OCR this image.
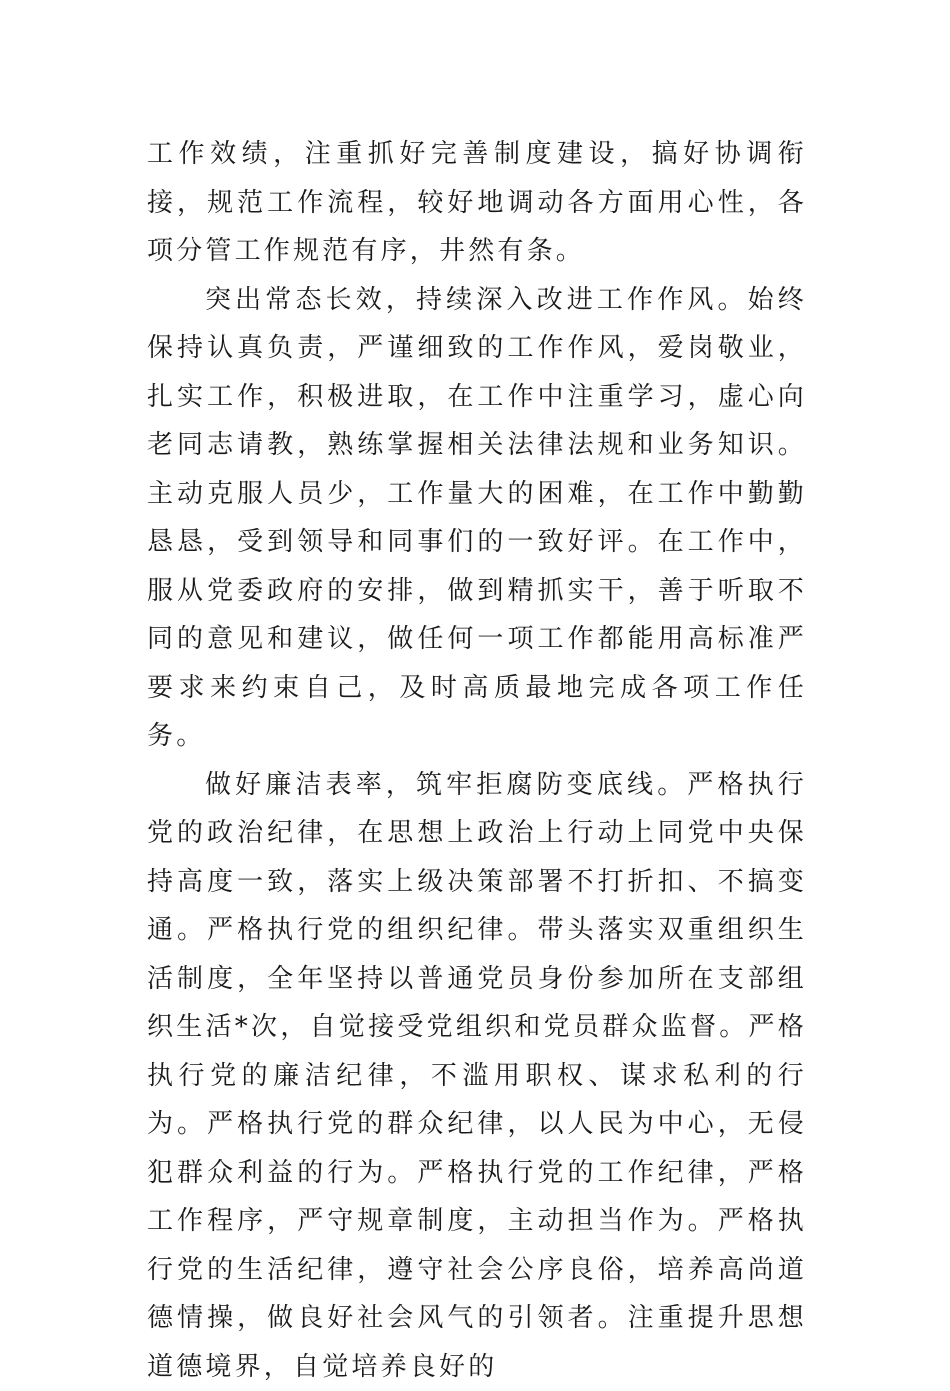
工作效绩，注重抓好完善制度建设，搞好协调衔接，规范工作流程，较好地调动各方面用心性，各项分管工作规范有序，井然有条。

突出常态长效，持续深入改进工作作风。始终保持认真负责，严谨细致的工作作风，爱岗敬业，扎实工作，积极进取，在工作中注重学习，虚心向老同志请教，熟练掌握相关法律法规和业务知识。主动克服人员少，工作量大的困难，在工作中勤勤恳恳，受到领导和同事们的一致好评。在工作中，服从党委政府的安排，做到精抓实干，善于听取不同的意见和建议，做任何一项工作都能用高标准严要求来约束自己，及时高质最地完成各项工作任务。

做好廉洁表率，筑牢拒腐防变底线。严格执行党的政治纪律，在思想上政治上行动上同党中央保持高度一致，落实上级决策部署不打折扣、不搞变通。严格执行党的组织纪律。带头落实双重组织生活制度，全年坚持以普通党员身份参加所在支部组织生活*次，自觉接受党组织和党员群众监督。严格执行党的廉洁纪律，不滥用职权、谋求私利的行为。严格执行党的群众纪律，以人民为中心，无侵犯群众利益的行为。严格执行党的工作纪律，严格工作程序，严守规章制度，主动担当作为。严格执行党的生活纪律，遵守社会公序良俗，培养高尚道德情操，做良好社会风气的引领者。注重提升思想道德境界，自觉培养良好的
